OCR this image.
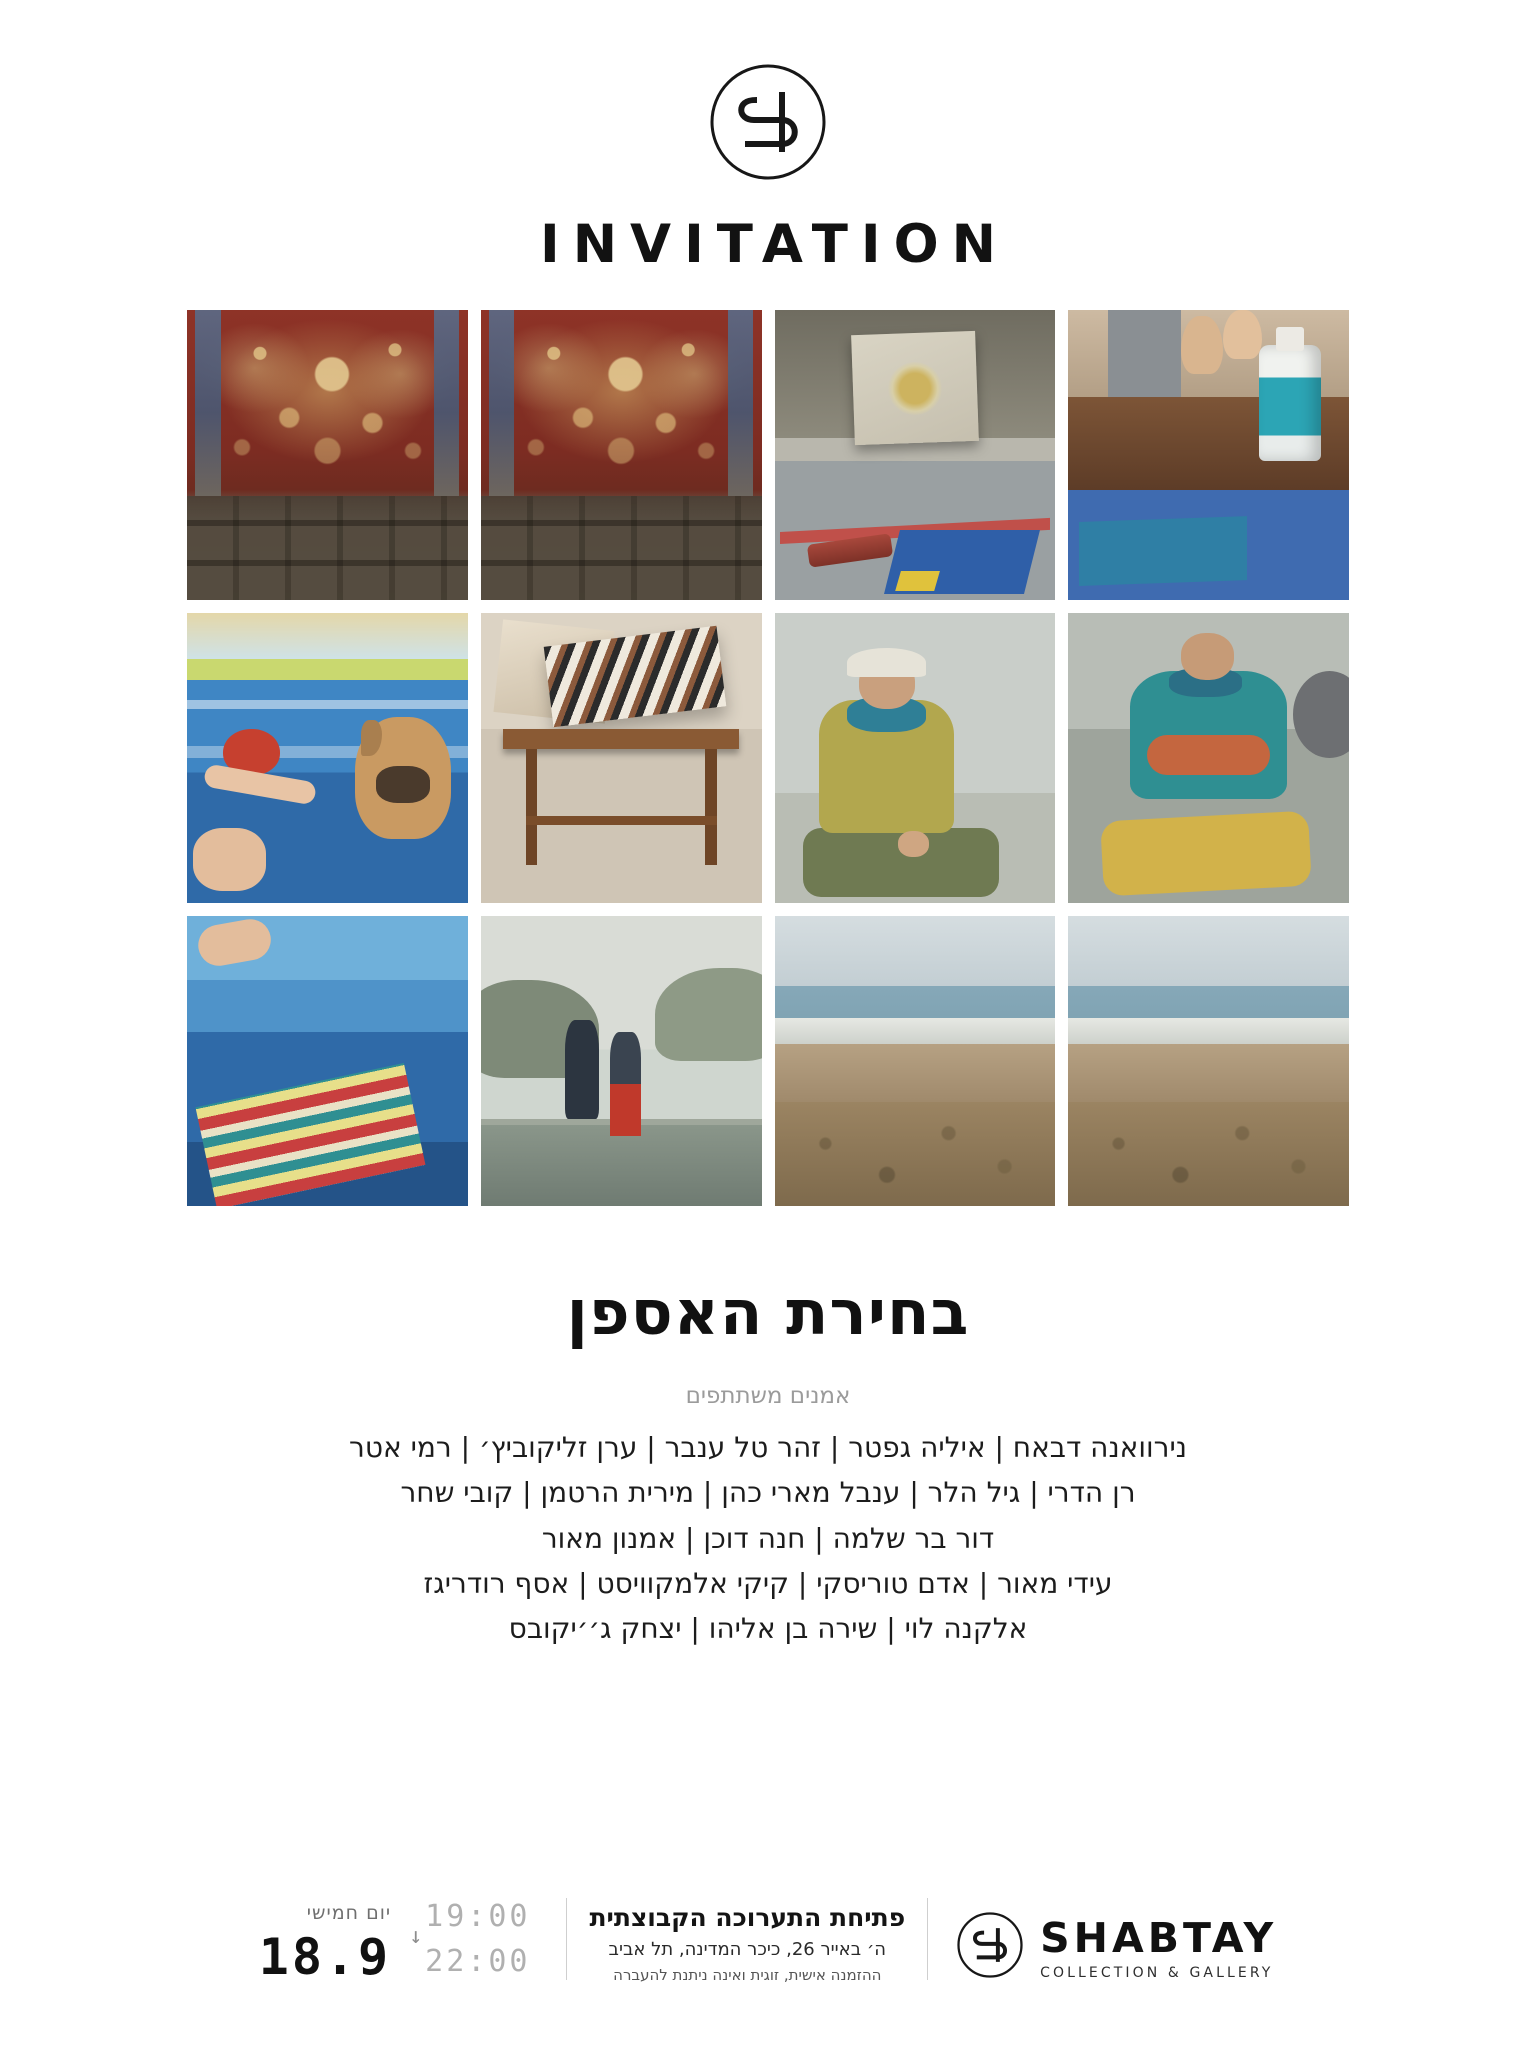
INVITATION
בחירת האספן
אמנים משתתפים
נירוואנה דבאח | איליה גפטר | זהר טל ענבר | ערן זליקוביץ׳ | רמי אטר
רן הדרי | גיל הלר | ענבל מארי כהן | מירית הרטמן | קובי שחר
דור בר שלמה | חנה דוכן | אמנון מאור
עידי מאור | אדם טוריסקי | קיקי אלמקוויסט | אסף רודריגז
אלקנה לוי | שירה בן אליהו | יצחק ג׳׳יקובס
יום חמישי
18.9
19:00
↓
22:00
פתיחת התערוכה הקבוצתית
ה׳ באייר 26, כיכר המדינה, תל אביב
ההזמנה אישית, זוגית ואינה ניתנת להעברה
SHABTAY
COLLECTION & GALLERY
